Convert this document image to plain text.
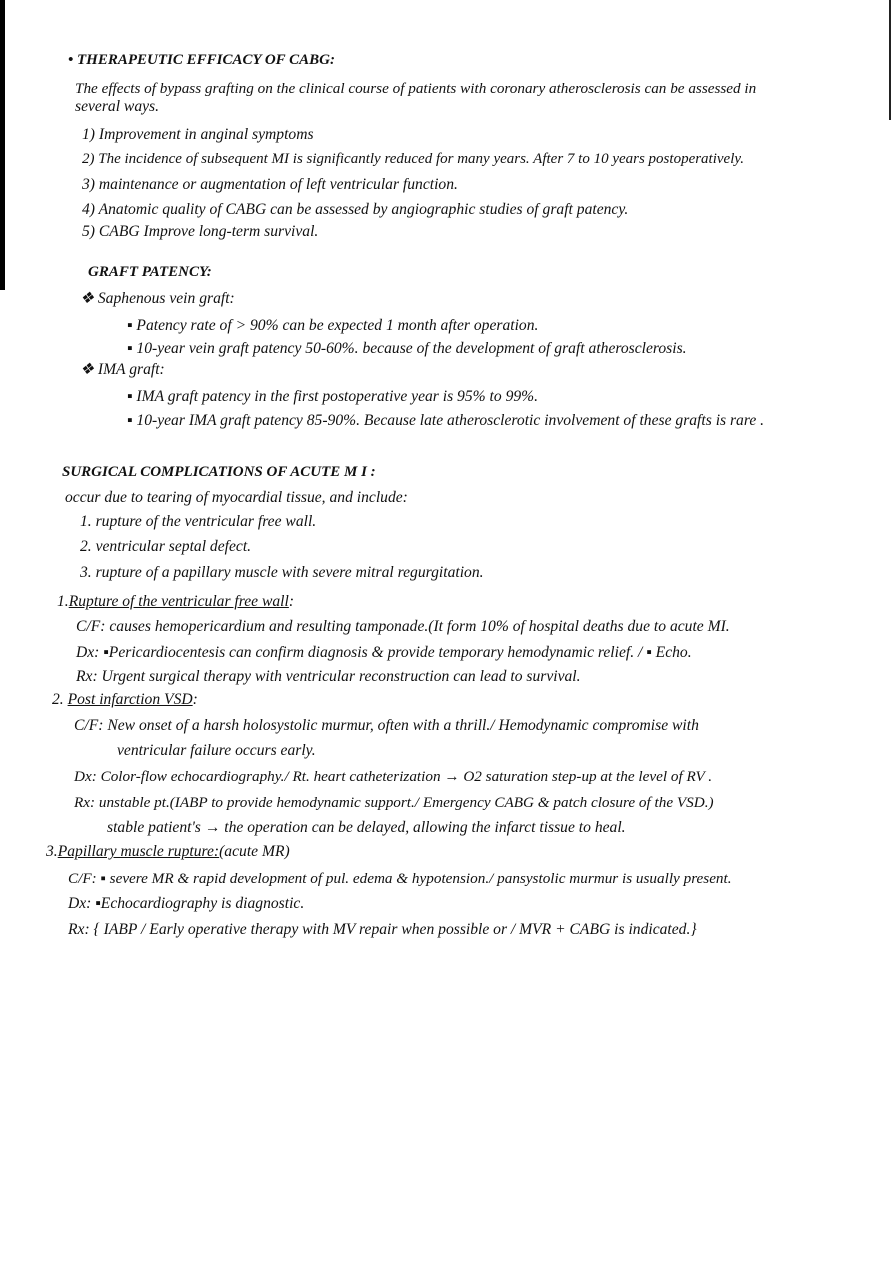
• THERAPEUTIC EFFICACY OF CABG:
The effects of bypass grafting on the clinical course of patients with coronary atherosclerosis can be assessed in
several ways.
1) Improvement in anginal symptoms
2) The incidence of subsequent MI is significantly reduced for many years. After 7 to 10 years postoperatively.
3) maintenance or augmentation of left ventricular function.
4) Anatomic quality of CABG can be assessed by angiographic studies of graft patency.
5) CABG Improve long-term survival.
GRAFT PATENCY:
❖ Saphenous vein graft:
▪ Patency rate of > 90% can be expected 1 month after operation.
▪ 10-year vein graft patency 50-60%. because of the development of graft atherosclerosis.
❖ IMA graft:
▪ IMA graft patency in the first postoperative year is 95% to 99%.
▪ 10-year IMA graft patency 85-90%. Because late atherosclerotic involvement of these grafts is rare .
SURGICAL COMPLICATIONS OF ACUTE M I :
occur due to tearing of myocardial tissue, and include:
1. rupture of the ventricular free wall.
2. ventricular septal defect.
3. rupture of a papillary muscle with severe mitral regurgitation.
1.Rupture of the ventricular free wall:
C/F: causes hemopericardium and resulting tamponade.(It form 10% of hospital deaths due to acute MI.
Dx: ▪Pericardiocentesis can confirm diagnosis & provide temporary hemodynamic relief. / ▪ Echo.
Rx: Urgent surgical therapy with ventricular reconstruction can lead to survival.
2. Post infarction VSD:
C/F: New onset of a harsh holosystolic murmur, often with a thrill./ Hemodynamic compromise with
ventricular failure occurs early.
Dx: Color-flow echocardiography./ Rt. heart catheterization → O2 saturation step-up at the level of RV .
Rx: unstable pt.(IABP to provide hemodynamic support./ Emergency CABG & patch closure of the VSD.)
stable patient's → the operation can be delayed, allowing the infarct tissue to heal.
3.Papillary muscle rupture:(acute MR)
C/F: ▪ severe MR & rapid development of pul. edema & hypotension./ pansystolic murmur is usually present.
Dx: ▪Echocardiography is diagnostic.
Rx: { IABP / Early operative therapy with MV repair when possible or / MVR + CABG is indicated.}
